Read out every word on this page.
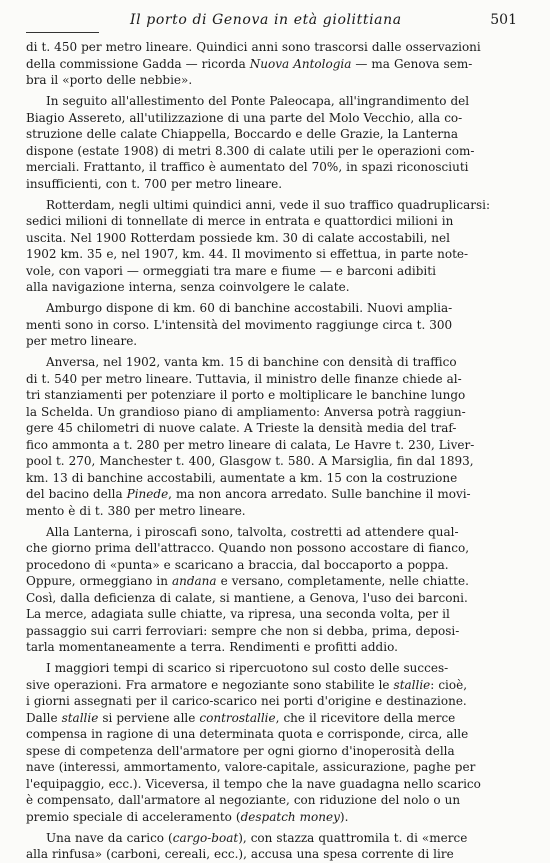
Il porto di Genova in età giolittiana	501
di t. 450 per metro lineare. Quindici anni sono trascorsi dalle osservazioni
della commissione Gadda — ricorda Nuova Antologia — ma Genova sem-
bra il «porto delle nebbie».
In seguito all'allestimento del Ponte Paleocapa, all'ingrandimento del
Biagio Assereto, all'utilizzazione di una parte del Molo Vecchio, alla co-
struzione delle calate Chiappella, Boccardo e delle Grazie, la Lanterna
dispone (estate 1908) di metri 8.300 di calate utili per le operazioni com-
merciali. Frattanto, il traffico è aumentato del 70%, in spazi riconosciuti
insufficienti, con t. 700 per metro lineare.
Rotterdam, negli ultimi quindici anni, vede il suo traffico quadruplicarsi:
sedici milioni di tonnellate di merce in entrata e quattordici milioni in
uscita. Nel 1900 Rotterdam possiede km. 30 di calate accostabili, nel
1902 km. 35 e, nel 1907, km. 44. Il movimento si effettua, in parte note-
vole, con vapori — ormeggiati tra mare e fiume — e barconi adibiti
alla navigazione interna, senza coinvolgere le calate.
Amburgo dispone di km. 60 di banchine accostabili. Nuovi amplia-
menti sono in corso. L'intensità del movimento raggiunge circa t. 300
per metro lineare.
Anversa, nel 1902, vanta km. 15 di banchine con densità di traffico
di t. 540 per metro lineare. Tuttavia, il ministro delle finanze chiede al-
tri stanziamenti per potenziare il porto e moltiplicare le banchine lungo
la Schelda. Un grandioso piano di ampliamento: Anversa potrà raggiun-
gere 45 chilometri di nuove calate. A Trieste la densità media del traf-
fico ammonta a t. 280 per metro lineare di calata, Le Havre t. 230, Liver-
pool t. 270, Manchester t. 400, Glasgow t. 580. A Marsiglia, fin dal 1893,
km. 13 di banchine accostabili, aumentate a km. 15 con la costruzione
del bacino della Pinede, ma non ancora arredato. Sulle banchine il movi-
mento è di t. 380 per metro lineare.
Alla Lanterna, i piroscafi sono, talvolta, costretti ad attendere qual-
che giorno prima dell'attracco. Quando non possono accostare di fianco,
procedono di «punta» e scaricano a braccia, dal boccaporto a poppa.
Oppure, ormeggiano in andana e versano, completamente, nelle chiatte.
Così, dalla deficienza di calate, si mantiene, a Genova, l'uso dei barconi.
La merce, adagiata sulle chiatte, va ripresa, una seconda volta, per il
passaggio sui carri ferroviari: sempre che non si debba, prima, deposi-
tarla momentaneamente a terra. Rendimenti e profitti addio.
I maggiori tempi di scarico si ripercuotono sul costo delle succes-
sive operazioni. Fra armatore e negoziante sono stabilite le stallie: cioè,
i giorni assegnati per il carico-scarico nei porti d'origine e destinazione.
Dalle stallie si perviene alle controstallie, che il ricevitore della merce
compensa in ragione di una determinata quota e corrisponde, circa, alle
spese di competenza dell'armatore per ogni giorno d'inoperosità della
nave (interessi, ammortamento, valore-capitale, assicurazione, paghe per
l'equipaggio, ecc.). Viceversa, il tempo che la nave guadagna nello scarico
è compensato, dall'armatore al negoziante, con riduzione del nolo o un
premio speciale di acceleramento (despatch money).
Una nave da carico (cargo-boat), con stazza quattromila t. di «merce
alla rinfusa» (carboni, cereali, ecc.), accusa una spesa corrente di lire
